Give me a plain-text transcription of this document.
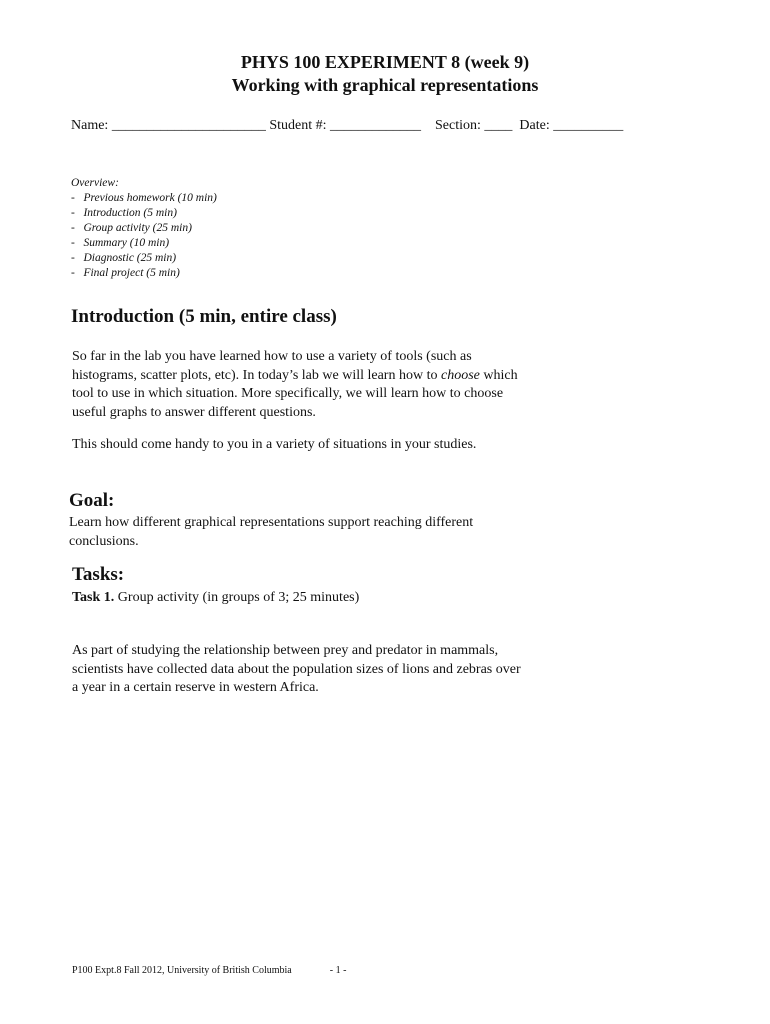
PHYS 100 EXPERIMENT 8 (week 9)
Working with graphical representations
Name: ______________________ Student #: _____________    Section: ____  Date: __________
Overview:
-   Previous homework (10 min)
-   Introduction (5 min)
-   Group activity (25 min)
-   Summary (10 min)
-   Diagnostic (25 min)
-   Final project (5 min)
Introduction (5 min, entire class)
So far in the lab you have learned how to use a variety of tools (such as
histograms, scatter plots, etc). In today’s lab we will learn how to choose which
tool to use in which situation. More specifically, we will learn how to choose
useful graphs to answer different questions.
This should come handy to you in a variety of situations in your studies.
Goal:
Learn how different graphical representations support reaching different
conclusions.
Tasks:
Task 1. Group activity (in groups of 3; 25 minutes)
As part of studying the relationship between prey and predator in mammals,
scientists have collected data about the population sizes of lions and zebras over
a year in a certain reserve in western Africa.
P100 Expt.8 Fall 2012, University of British Columbia	- 1 -
